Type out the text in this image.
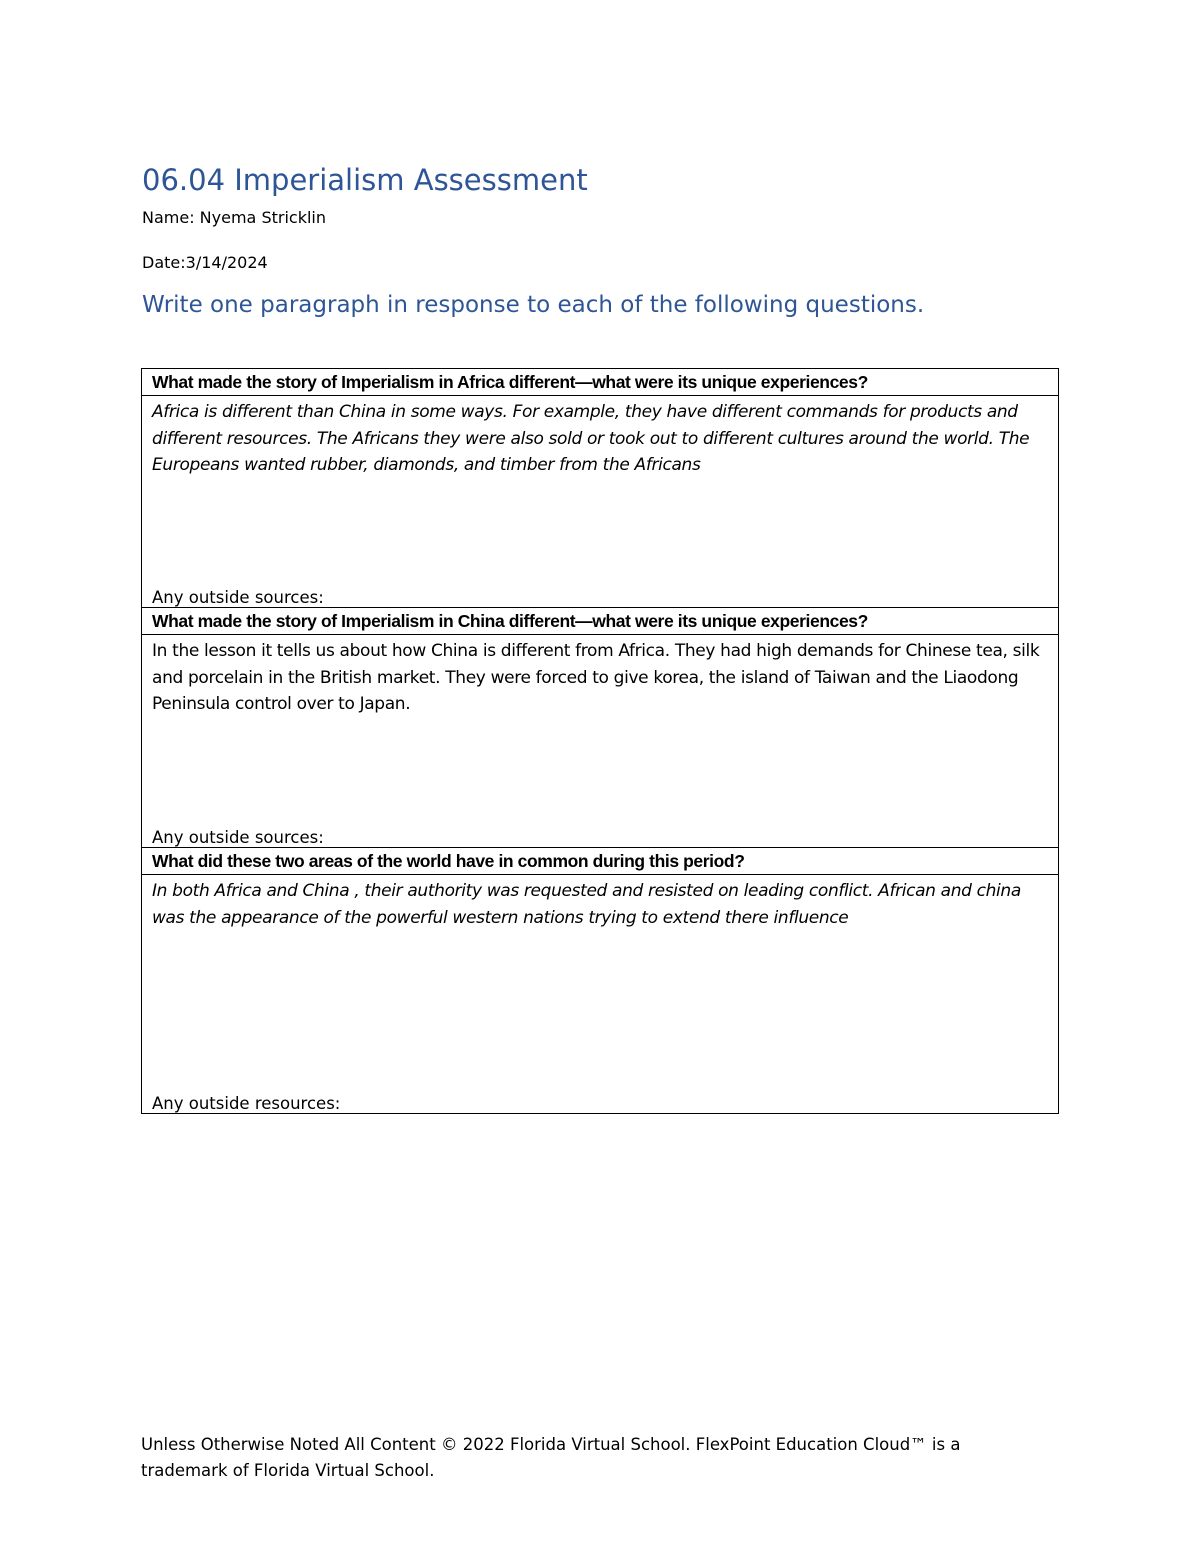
06.04 Imperialism Assessment

Name: Nyema Stricklin

Date:3/14/2024

Write one paragraph in response to each of the following questions.
What made the story of Imperialism in Africa different—what were its unique experiences?

Africa is different than China in some ways. For example, they have different commands for products and different resources. The Africans they were also sold or took out to different cultures around the world. The Europeans wanted rubber, diamonds, and timber from the Africans

Any outside sources:
What made the story of Imperialism in China different—what were its unique experiences?

In the lesson it tells us about how China is different from Africa. They had high demands for Chinese tea, silk and porcelain in the British market. They were forced to give korea, the island of Taiwan and the Liaodong Peninsula control over to Japan.

Any outside sources:
What did these two areas of the world have in common during this period?

In both Africa and China , their authority was requested and resisted on leading conflict. African and china was the appearance of the powerful western nations trying to extend there influence

Any outside resources:

Unless Otherwise Noted All Content © 2022 Florida Virtual School. FlexPoint Education Cloud™ is a trademark of Florida Virtual School.
